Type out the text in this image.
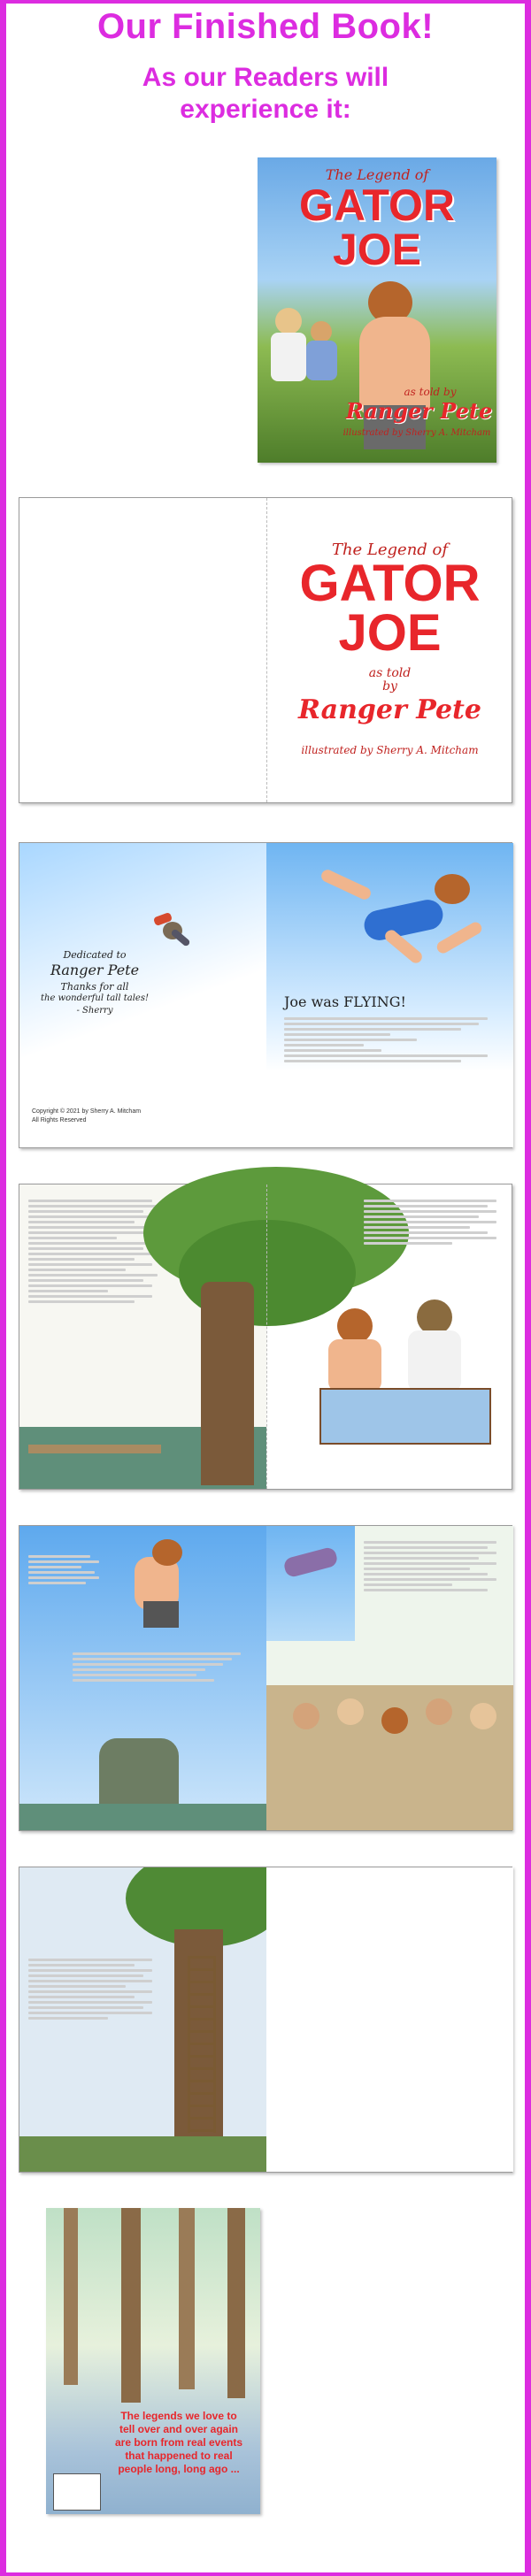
Our Finished Book!
As our Readers will
experience it:
The Legend of
GATOR
JOE
as told by
Ranger Pete
illustrated by Sherry A. Mitcham
The Legend of
GATOR
JOE
as told
by
Ranger Pete
illustrated by Sherry A. Mitcham
Dedicated to
Ranger Pete
Thanks for all
the wonderful tall tales!
- Sherry
Copyright © 2021 by Sherry A. Mitcham
All Rights Reserved
Joe was FLYING!
The legends we love to
tell over and over again
are born from real events
that happened to real
people long, long ago ...
